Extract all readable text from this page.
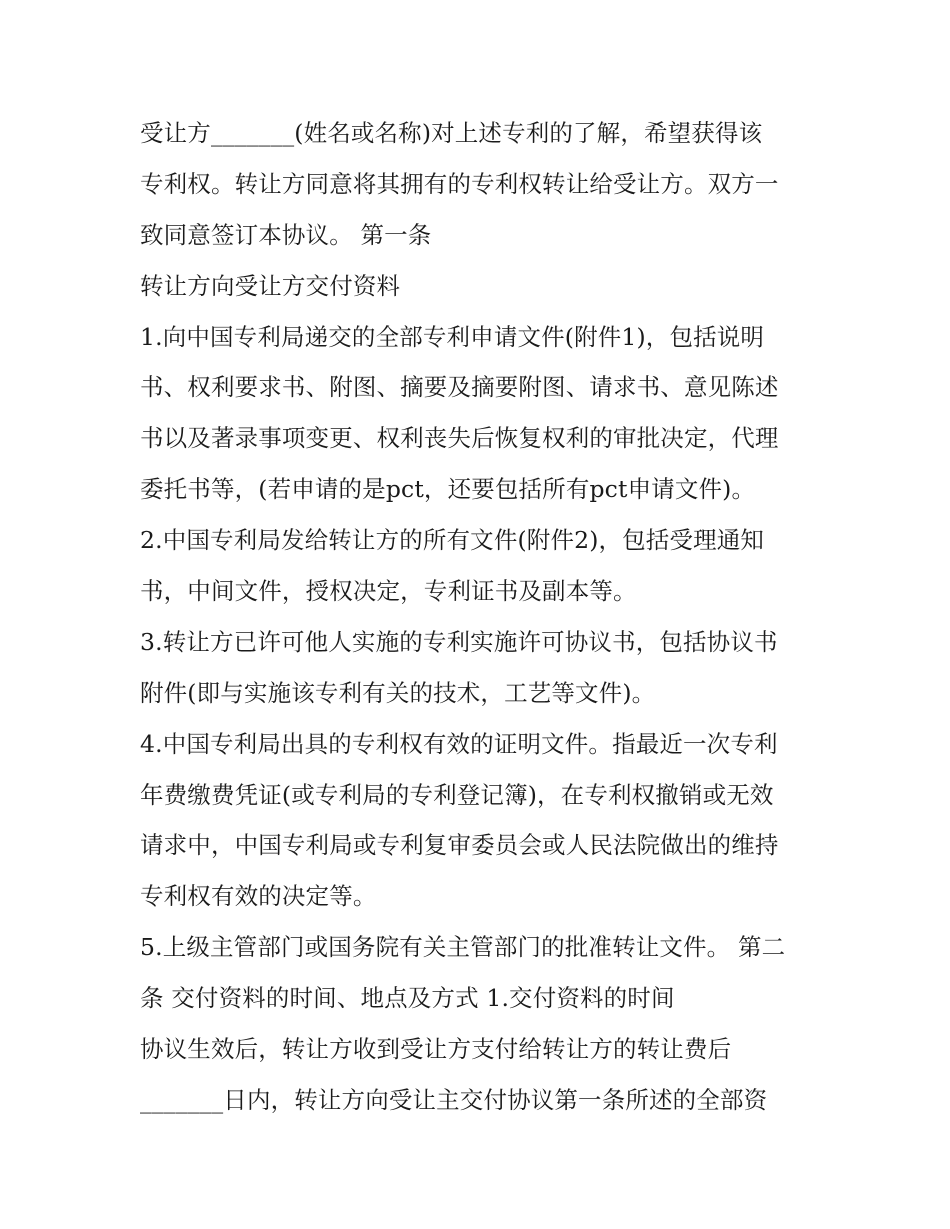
受让方_______(姓名或名称)对上述专利的了解，希望获得该
专利权。转让方同意将其拥有的专利权转让给受让方。双方一
致同意签订本协议。 第一条
转让方向受让方交付资料
1.向中国专利局递交的全部专利申请文件(附件1)，包括说明
书、权利要求书、附图、摘要及摘要附图、请求书、意见陈述
书以及著录事项变更、权利丧失后恢复权利的审批决定，代理
委托书等，(若申请的是pct，还要包括所有pct申请文件)。
2.中国专利局发给转让方的所有文件(附件2)，包括受理通知
书，中间文件，授权决定，专利证书及副本等。
3.转让方已许可他人实施的专利实施许可协议书，包括协议书
附件(即与实施该专利有关的技术，工艺等文件)。
4.中国专利局出具的专利权有效的证明文件。指最近一次专利
年费缴费凭证(或专利局的专利登记簿)，在专利权撤销或无效
请求中，中国专利局或专利复审委员会或人民法院做出的维持
专利权有效的决定等。
5.上级主管部门或国务院有关主管部门的批准转让文件。 第二
条 交付资料的时间、地点及方式 1.交付资料的时间
协议生效后，转让方收到受让方支付给转让方的转让费后
_______日内，转让方向受让主交付协议第一条所述的全部资
